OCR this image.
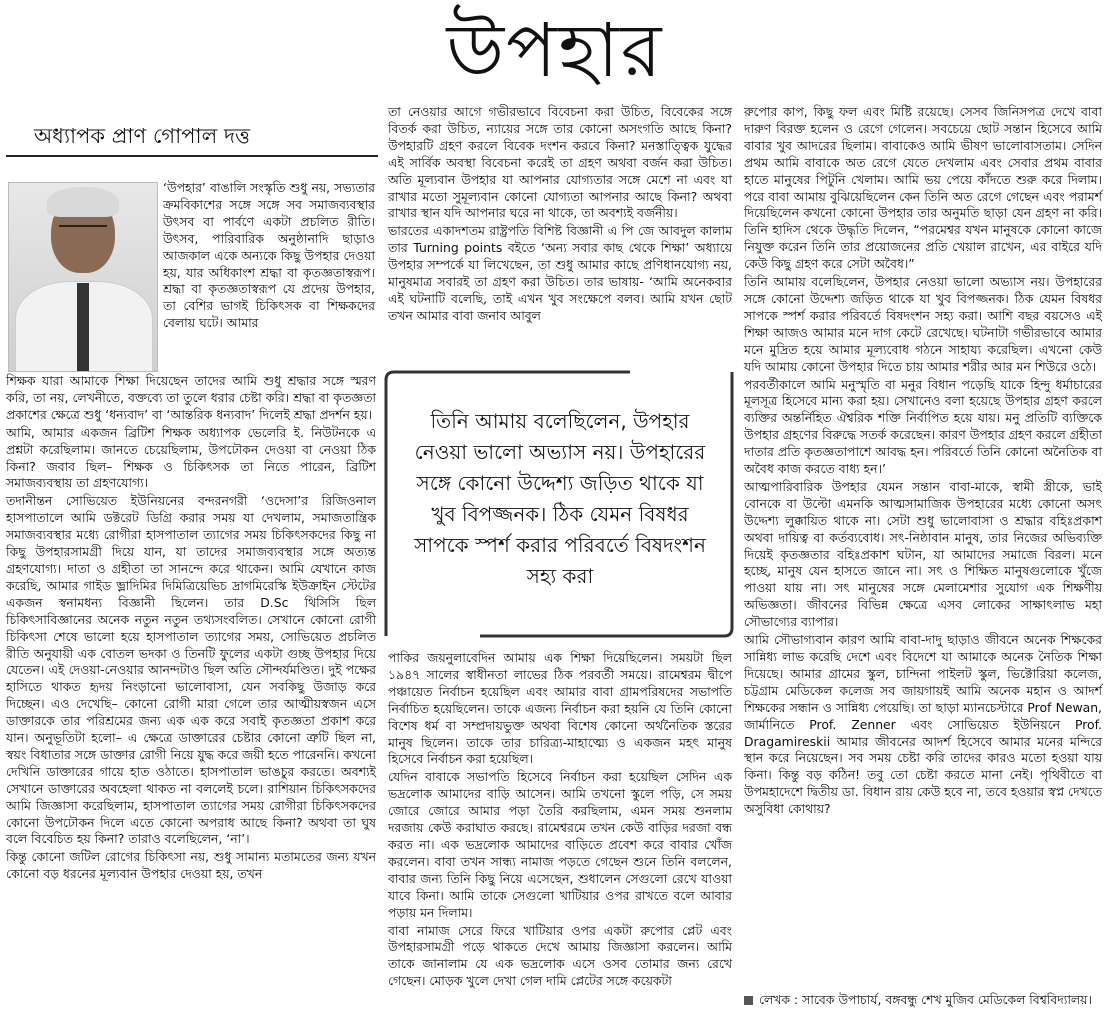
উপহার
অধ্যাপক প্রাণ গোপাল দত্ত

‘উপহার’ বাঙালি সংস্কৃতি শুধু নয়, সভ্যতার ক্রমবিকাশের সঙ্গে সঙ্গে সব সমাজব্যবস্থার উৎসব বা পার্বণে একটা প্রচলিত রীতি। উৎসব, পারিবারিক অনুষ্ঠানাদি ছাড়াও আজকাল একে অন্যকে কিছু উপহার দেওয়া হয়, যার অধিকাংশ শ্রদ্ধা বা কৃতজ্ঞতাস্বরূপ। শ্রদ্ধা বা কৃতজ্ঞতাস্বরূপ যে প্রদেয় উপহার, তা বেশির ভাগই চিকিৎসক বা শিক্ষকদের বেলায় ঘটে। আমার

শিক্ষক যারা আমাকে শিক্ষা দিয়েছেন তাদের আমি শুধু শ্রদ্ধার সঙ্গে স্মরণ করি, তা নয়, লেখনীতে, বক্তব্যে তা তুলে ধরার চেষ্টা করি। শ্রদ্ধা বা কৃতজ্ঞতা প্রকাশের ক্ষেত্রে শুধু ‘ধন্যবাদ’ বা ‘আন্তরিক ধন্যবাদ’ দিলেই শ্রদ্ধা প্রদর্শন হয়।

আমি, আমার একজন ব্রিটিশ শিক্ষক অধ্যাপক ভেলেরি ই. নিউটনকে এ প্রশ্নটা করেছিলাম। জানতে চেয়েছিলাম, উপঢৌকন দেওয়া বা নেওয়া ঠিক কিনা? জবাব ছিল– শিক্ষক ও চিকিৎসক তা নিতে পারেন, ব্রিটিশ সমাজব্যবস্থায় তা গ্রহণযোগ্য।

তদানীন্তন সোভিয়েত ইউনিয়নের বন্দরনগরী ‘ওদেসা’র রিজিওনাল হাসপাতালে আমি ডক্টরেট ডিগ্রি করার সময় যা দেখলাম, সমাজতান্ত্রিক সমাজব্যবস্থার মধ্যে রোগীরা হাসপাতাল ত্যাগের সময় চিকিৎসকদের কিছু না কিছু উপহারসামগ্রী দিয়ে যান, যা তাদের সমাজব্যবস্থার সঙ্গে অত্যন্ত গ্রহণযোগ্য। দাতা ও গ্রহীতা তা সানন্দে করে থাকেন। আমি যেখানে কাজ করেছি, আমার গাইড ভ্লাদিমির দিমিত্রিয়েভিচ দ্রাগমিরেস্কি ইউক্রাইন স্টেটের একজন স্বনামধন্য বিজ্ঞানী ছিলেন। তার D.Sc থিসিসি ছিল চিকিৎসাবিজ্ঞানের অনেক নতুন নতুন তথ্যসংবলিত। সেখানে কোনো রোগী চিকিৎসা শেষে ভালো হয়ে হাসপাতাল ত্যাগের সময়, সোভিয়েত প্রচলিত রীতি অনুযায়ী এক বোতল ভদকা ও তিনটি ফুলের একটা গুচ্ছ উপহার দিয়ে যেতেন। এই দেওয়া-নেওয়ার আনন্দটাও ছিল অতি সৌন্দর্যমণ্ডিত। দুই পক্ষের হাসিতে থাকত হৃদয় নিংড়ানো ভালোবাসা, যেন সবকিছু উজাড় করে দিচ্ছেন। এও দেখেছি– কোনো রোগী মারা গেলে তার আত্মীয়স্বজন এসে ডাক্তারকে তার পরিশ্রমের জন্য এক এক করে সবাই কৃতজ্ঞতা প্রকাশ করে যান। অনুভূতিটা হলো– এ ক্ষেত্রে ডাক্তারের চেষ্টার কোনো ত্রুটি ছিল না, স্বয়ং বিধাতার সঙ্গে ডাক্তার রোগী নিয়ে যুদ্ধ করে জয়ী হতে পারেননি। কখনো দেখিনি ডাক্তারের গায়ে হাত ওঠাতে। হাসপাতাল ভাঙচুর করতে। অবশ্যই সেখানে ডাক্তারের অবহেলা থাকত না বললেই চলে। রাশিয়ান চিকিৎসকদের আমি জিজ্ঞাসা করেছিলাম, হাসপাতাল ত্যাগের সময় রোগীরা চিকিৎসকদের কোনো উপঢৌকন দিলে এতে কোনো অপরাধ আছে কিনা? অথবা তা ঘুষ বলে বিবেচিত হয় কিনা? তারাও বলেছিলেন, ‘না’।

কিন্তু কোনো জটিল রোগের চিকিৎসা নয়, শুধু সামান্য মতামতের জন্য যখন কোনো বড় ধরনের মূল্যবান উপহার দেওয়া হয়, তখন

তা নেওয়ার আগে গভীরভাবে বিবেচনা করা উচিত, বিবেকের সঙ্গে বিতর্ক করা উচিত, ন্যায়ের সঙ্গে তার কোনো অসংগতি আছে কিনা? উপহারটি গ্রহণ করলে বিবেক দংশন করবে কিনা? মনস্তাত্ত্বিক যুদ্ধের এই সার্বিক অবস্থা বিবেচনা করেই তা গ্রহণ অথবা বর্জন করা উচিত। অতি মূল্যবান উপহার যা আপনার যোগ্যতার সঙ্গে মেশে না এবং যা রাখার মতো সুমূল্যবান কোনো যোগ্যতা আপনার আছে কিনা? অথবা রাখার স্থান যদি আপনার ঘরে না থাকে, তা অবশ্যই বর্জনীয়।

ভারতের একাদশতম রাষ্ট্রপতি বিশিষ্ট বিজ্ঞানী এ পি জে আবদুল কালাম তার Turning points বইতে ‘অন্য সবার কাছ থেকে শিক্ষা’ অধ্যায়ে উপহার সম্পর্কে যা লিখেছেন, তা শুধু আমার কাছে প্রণিধানযোগ্য নয়, মানুষমাত্র সবারই তা গ্রহণ করা উচিত। তার ভাষায়- ‘আমি অনেকবার এই ঘটনাটি বলেছি, তাই এখন খুব সংক্ষেপে বলব। আমি যখন ছোট তখন আমার বাবা জনাব আবুল

তিনি আমায় বলেছিলেন, উপহার নেওয়া ভালো অভ্যাস নয়। উপহারের সঙ্গে কোনো উদ্দেশ্য জড়িত থাকে যা খুব বিপজ্জনক। ঠিক যেমন বিষধর সাপকে স্পর্শ করার পরিবর্তে বিষদংশন সহ্য করা

পাকির জয়নুলাবেদিন আমায় এক শিক্ষা দিয়েছিলেন। সময়টা ছিল ১৯৪৭ সালের স্বাধীনতা লাভের ঠিক পরবর্তী সময়ে। রামেশ্বরম দ্বীপে পঞ্চায়েত নির্বাচন হয়েছিল এবং আমার বাবা গ্রামপরিষদের সভাপতি নির্বাচিত হয়েছিলেন। তাকে এজন্য নির্বাচন করা হয়নি যে তিনি কোনো বিশেষ ধর্ম বা সম্প্রদায়ভুক্ত অথবা বিশেষ কোনো অর্থনৈতিক স্তরের মানুষ ছিলেন। তাকে তার চারিত্র্য-মাহাত্ম্যে ও একজন মহৎ মানুষ হিসেবে নির্বাচন করা হয়েছিল।

যেদিন বাবাকে সভাপতি হিসেবে নির্বাচন করা হয়েছিল সেদিন এক ভদ্রলোক আমাদের বাড়ি আসেন। আমি তখনো স্কুলে পড়ি, সে সময় জোরে জোরে আমার পড়া তৈরি করছিলাম, এমন সময় শুনলাম দরজায় কেউ করাঘাত করছে। রামেশ্বরমে তখন কেউ বাড়ির দরজা বন্ধ করত না। এক ভদ্রলোক আমাদের বাড়িতে প্রবেশ করে বাবার খোঁজ করলেন। বাবা তখন সান্ধ্য নামাজ পড়তে গেছেন শুনে তিনি বললেন, বাবার জন্য তিনি কিছু নিয়ে এসেছেন, শুধালেন সেগুলো রেখে যাওয়া যাবে কিনা। আমি তাকে সেগুলো খাটিয়ার ওপর রাখতে বলে আবার পড়ায় মন দিলাম।

বাবা নামাজ সেরে ফিরে খাটিয়ার ওপর একটা রুপোর প্লেট এবং উপহারসামগ্রী পড়ে থাকতে দেখে আমায় জিজ্ঞাসা করলেন। আমি তাকে জানালাম যে এক ভদ্রলোক এসে ওসব তোমার জন্য রেখে গেছেন। মোড়ক খুলে দেখা গেল দামি প্লেটের সঙ্গে কয়েকটা

রুপোর কাপ, কিছু ফল এবং মিষ্টি রয়েছে। সেসব জিনিসপত্র দেখে বাবা দারুণ বিরক্ত হলেন ও রেগে গেলেন। সবচেয়ে ছোট সন্তান হিসেবে আমি বাবার খুব আদরের ছিলাম। বাবাকেও আমি ভীষণ ভালোবাসতাম। সেদিন প্রথম আমি বাবাকে অত রেগে যেতে দেখলাম এবং সেবার প্রথম বাবার হাতে মানুষের পিটুনি খেলাম। আমি ভয় পেয়ে কাঁদতে শুরু করে দিলাম। পরে বাবা আমায় বুঝিয়েছিলেন কেন তিনি অত রেগে গেছেন এবং পরামর্শ দিয়েছিলেন কখনো কোনো উপহার তার অনুমতি ছাড়া যেন গ্রহণ না করি। তিনি হাদিস থেকে উদ্ধৃতি দিলেন, “পরমেশ্বর যখন মানুষকে কোনো কাজে নিযুক্ত করেন তিনি তার প্রয়োজনের প্রতি খেয়াল রাখেন, এর বাইরে যদি কেউ কিছু গ্রহণ করে সেটা অবৈধ।”

তিনি আমায় বলেছিলেন, উপহার নেওয়া ভালো অভ্যাস নয়। উপহারের সঙ্গে কোনো উদ্দেশ্য জড়িত থাকে যা খুব বিপজ্জনক। ঠিক যেমন বিষধর সাপকে স্পর্শ করার পরিবর্তে বিষদংশন সহ্য করা। আশি বছর বয়সেও এই শিক্ষা আজও আমার মনে দাগ কেটে রেখেছে। ঘটনাটা গভীরভাবে আমার মনে মুদ্রিত হয়ে আমার মূল্যবোধ গঠনে সাহায্য করেছিল। এখনো কেউ যদি আমায় কোনো উপহার দিতে চায় আমার শরীর আর মন শিউরে ওঠে।

পরবর্তীকালে আমি মনুস্মৃতি বা মনুর বিধান পড়েছি যাকে হিন্দু ধর্মাচারের মূলসূত্র হিসেবে মান্য করা হয়। সেখানেও বলা হয়েছে উপহার গ্রহণ করলে ব্যক্তির অন্তর্নিহিত ঐশ্বরিক শক্তি নির্বাপিত হয়ে যায়। মনু প্রতিটি ব্যক্তিকে উপহার গ্রহণের বিরুদ্ধে সতর্ক করেছেন। কারণ উপহার গ্রহণ করলে গ্রহীতা দাতার প্রতি কৃতজ্ঞতাপাশে আবদ্ধ হন। পরিবর্তে তিনি কোনো অনৈতিক বা অবৈধ কাজ করতে বাধ্য হন।’

আত্মপারিবারিক উপহার যেমন সন্তান বাবা-মাকে, স্বামী স্ত্রীকে, ভাই বোনকে বা উল্টো এমনকি আত্মসামাজিক উপহারের মধ্যে কোনো অসৎ উদ্দেশ্য লুক্কায়িত থাকে না। সেটা শুধু ভালোবাসা ও শ্রদ্ধার বহিঃপ্রকাশ অথবা দায়িত্ব বা কর্তব্যবোধ। সৎ-নিষ্ঠাবান মানুষ, তার নিজের অভিব্যক্তি দিয়েই কৃতজ্ঞতার বহিঃপ্রকাশ ঘটান, যা আমাদের সমাজে বিরল। মনে হচ্ছে, মানুষ যেন হাসতে জানে না। সৎ ও শিক্ষিত মানুষগুলোকে খুঁজে পাওয়া যায় না। সৎ মানুষের সঙ্গে মেলামেশার সুযোগ এক শিক্ষণীয় অভিজ্ঞতা। জীবনের বিভিন্ন ক্ষেত্রে এসব লোকের সাক্ষাৎলাভ মহা সৌভাগ্যের ব্যাপার।

আমি সৌভাগ্যবান কারণ আমি বাবা-দাদু ছাড়াও জীবনে অনেক শিক্ষকের সান্নিধ্য লাভ করেছি দেশে এবং বিদেশে যা আমাকে অনেক নৈতিক শিক্ষা দিয়েছে। আমার গ্রামের স্কুল, চান্দিনা পাইলট স্কুল, ভিক্টোরিয়া কলেজ, চট্টগ্রাম মেডিকেল কলেজ সব জায়গায়ই আমি অনেক মহান ও আদর্শ শিক্ষকের সন্ধান ও সান্নিধ্য পেয়েছি। তা ছাড়া ম্যানচেস্টারে Prof Newan, জার্মানিতে Prof. Zenner এবং সোভিয়েত ইউনিয়নে Prof. Dragamireskii আমার জীবনের আদর্শ হিসেবে আমার মনের মন্দিরে স্থান করে নিয়েছেন। সব সময় চেষ্টা করি তাদের কারও মতো হওয়া যায় কিনা। কিন্তু বড় কঠিন! তবু তো চেষ্টা করতে মানা নেই। পৃথিবীতে বা উপমহাদেশে দ্বিতীয় ডা. বিধান রায় কেউ হবে না, তবে হওয়ার স্বপ্ন দেখতে অসুবিধা কোথায়?

লেখক : সাবেক উপাচার্য, বঙ্গবন্ধু শেখ মুজিব মেডিকেল বিশ্ববিদ্যালয়।
